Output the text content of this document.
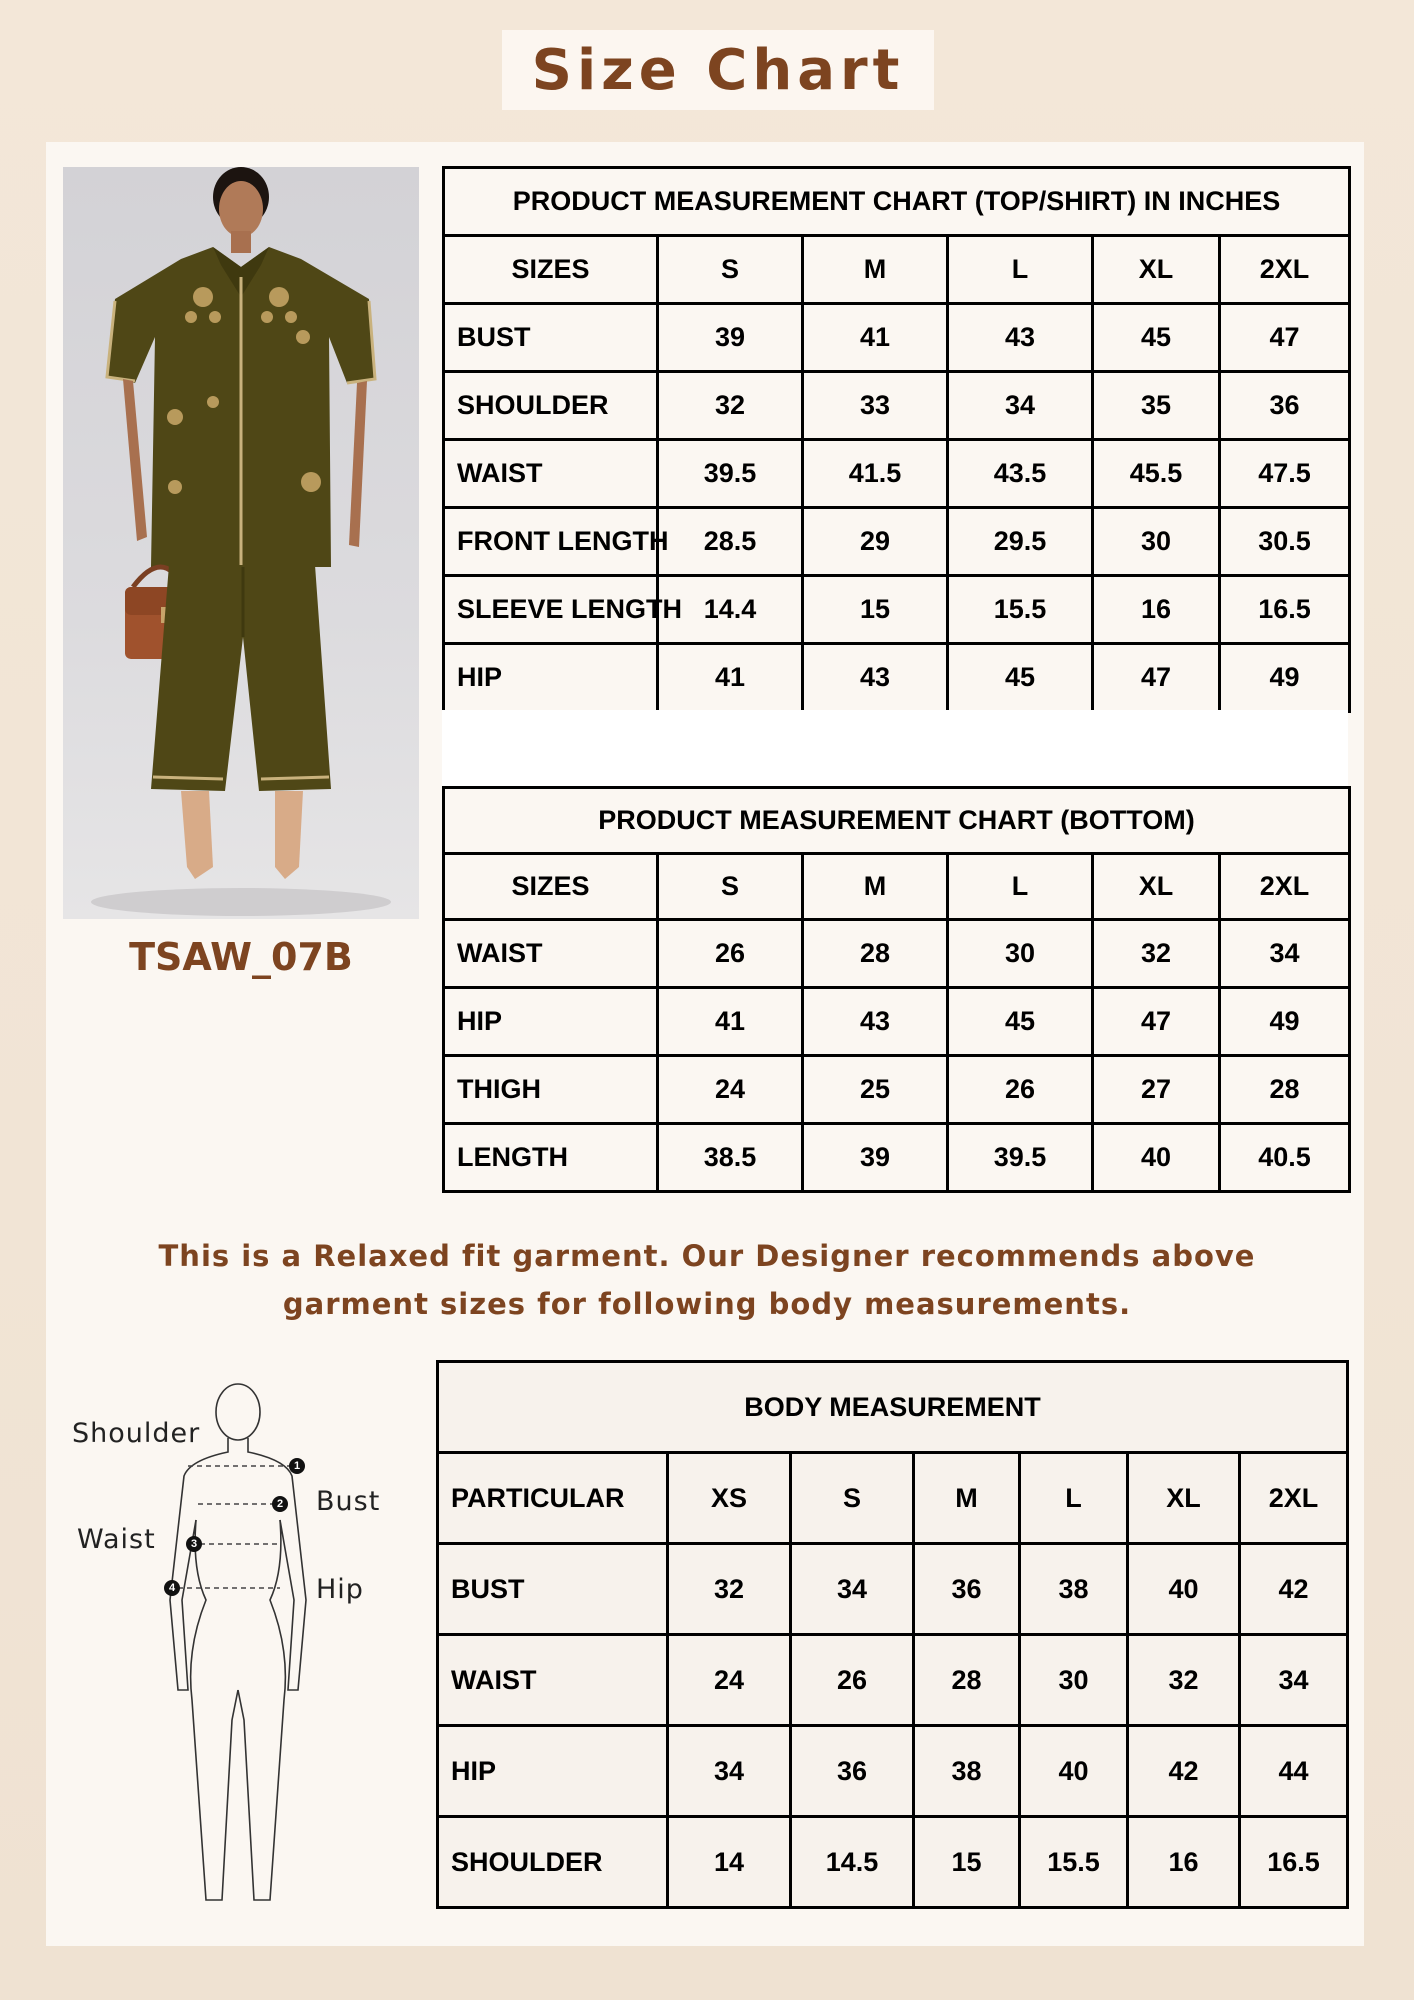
Size Chart
TSAW_07B
PRODUCT MEASUREMENT CHART (TOP/SHIRT) IN INCHES					
SIZES	S	M	L	XL	2XL
BUST	39	41	43	45	47
SHOULDER	32	33	34	35	36
WAIST	39.5	41.5	43.5	45.5	47.5
FRONT LENGTH	28.5	29	29.5	30	30.5
SLEEVE LENGTH	14.4	15	15.5	16	16.5
HIP	41	43	45	47	49
PRODUCT MEASUREMENT CHART (BOTTOM)					
SIZES	S	M	L	XL	2XL
WAIST	26	28	30	32	34
HIP	41	43	45	47	49
THIGH	24	25	26	27	28
LENGTH	38.5	39	39.5	40	40.5
This is a Relaxed fit garment. Our Designer recommends above garment sizes for following body measurements.
Shoulder
Bust
Waist
Hip
1
2
3
4
BODY MEASUREMENT						
PARTICULAR	XS	S	M	L	XL	2XL
BUST	32	34	36	38	40	42
WAIST	24	26	28	30	32	34
HIP	34	36	38	40	42	44
SHOULDER	14	14.5	15	15.5	16	16.5
